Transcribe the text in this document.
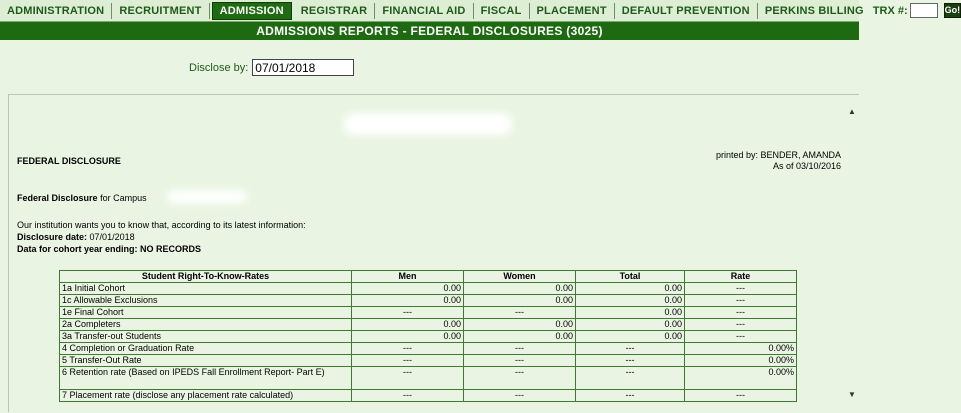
ADMINISTRATION	RECRUITMENT	ADMISSION	REGISTRAR	FINANCIAL AID	FISCAL	PLACEMENT	DEFAULT PREVENTION	PERKINS BILLING TRX #:	Go!
ADMISSIONS REPORTS - FEDERAL DISCLOSURES (3025)
Disclose by:
07/01/2018
FEDERAL DISCLOSURE
printed by: BENDER, AMANDA
As of 03/10/2016
Federal Disclosure for Campus
Our institution wants you to know that, according to its latest information:
Disclosure date: 07/01/2018
Data for cohort year ending: NO RECORDS
Student Right-To-Know-Rates	Men	Women	Total	Rate
1a Initial Cohort	0.00	0.00	0.00	---
1c Allowable Exclusions	0.00	0.00	0.00	---
1e Final Cohort	---	---	0.00	---
2a Completers	0.00	0.00	0.00	---
3a Transfer-out Students	0.00	0.00	0.00	---
4 Completion or Graduation Rate	---	---	---	0.00%
5 Transfer-Out Rate	---	---	---	0.00%
6 Retention rate (Based on IPEDS Fall Enrollment Report- Part E)	---	---	---	0.00%
7 Placement rate (disclose any placement rate calculated)	---	---	---	---
▲
▼
